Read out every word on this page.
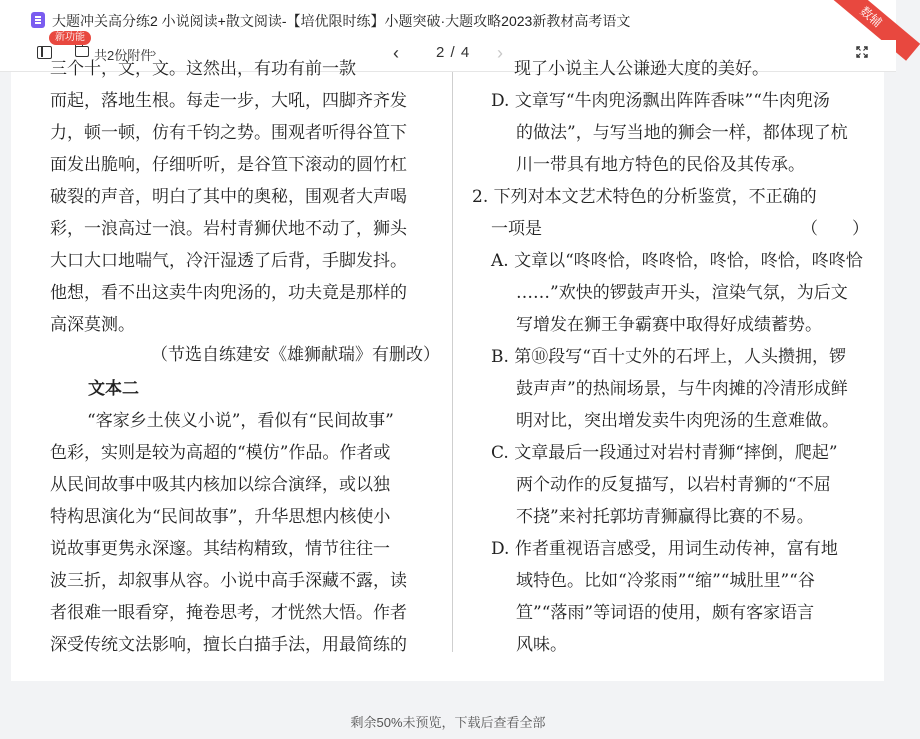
大题冲关高分练2 小说阅读+散文阅读-【培优限时练】小题突破·大题攻略2023新教材高考语文	数辅
新功能
共2份附件
›	‹ 2 / 4 ›
三个十，文，文。这然出，有功有前一款
而起，落地生根。每走一步，大吼，四脚齐齐发
力，顿一顿，仿有千钧之势。围观者听得谷笪下
面发出脆响，仔细听听，是谷笪下滚动的圆竹杠
破裂的声音，明白了其中的奥秘，围观者大声喝
彩，一浪高过一浪。岩村青狮伏地不动了，狮头
大口大口地喘气，冷汗湿透了后背，手脚发抖。
他想，看不出这卖牛肉兜汤的，功夫竟是那样的
高深莫测。
（节选自练建安《雄狮献瑞》有删改）
文本二
“客家乡土侠义小说”，看似有“民间故事”
色彩，实则是较为高超的“模仿”作品。作者或
从民间故事中吸其内核加以综合演绎，或以独
特构思演化为“民间故事”，升华思想内核使小
说故事更隽永深邃。其结构精致，情节往往一
波三折，却叙事从容。小说中高手深藏不露，读
者很难一眼看穿，掩卷思考，才恍然大悟。作者
深受传统文法影响，擅长白描手法，用最简练的
现了小说主人公谦逊大度的美好。
D. 文章写“牛肉兜汤飘出阵阵香味”“牛肉兜汤
的做法”，与写当地的狮会一样，都体现了杭
川一带具有地方特色的民俗及其传承。
2. 下列对本文艺术特色的分析鉴赏，不正确的
一项是	（　　）
A. 文章以“咚咚恰，咚咚恰，咚恰，咚恰，咚咚恰
……”欢快的锣鼓声开头，渲染气氛，为后文
写增发在狮王争霸赛中取得好成绩蓄势。
B. 第⑩段写“百十丈外的石坪上，人头攒拥，锣
鼓声声”的热闹场景，与牛肉摊的冷清形成鲜
明对比，突出增发卖牛肉兜汤的生意难做。
C. 文章最后一段通过对岩村青狮“摔倒，爬起”
两个动作的反复描写，以岩村青狮的“不屈
不挠”来衬托郭坊青狮赢得比赛的不易。
D. 作者重视语言感受，用词生动传神，富有地
域特色。比如“冷浆雨”“缩”“城肚里”“谷
笪”“落雨”等词语的使用，颇有客家语言
风味。
剩余50%未预览，下载后查看全部
